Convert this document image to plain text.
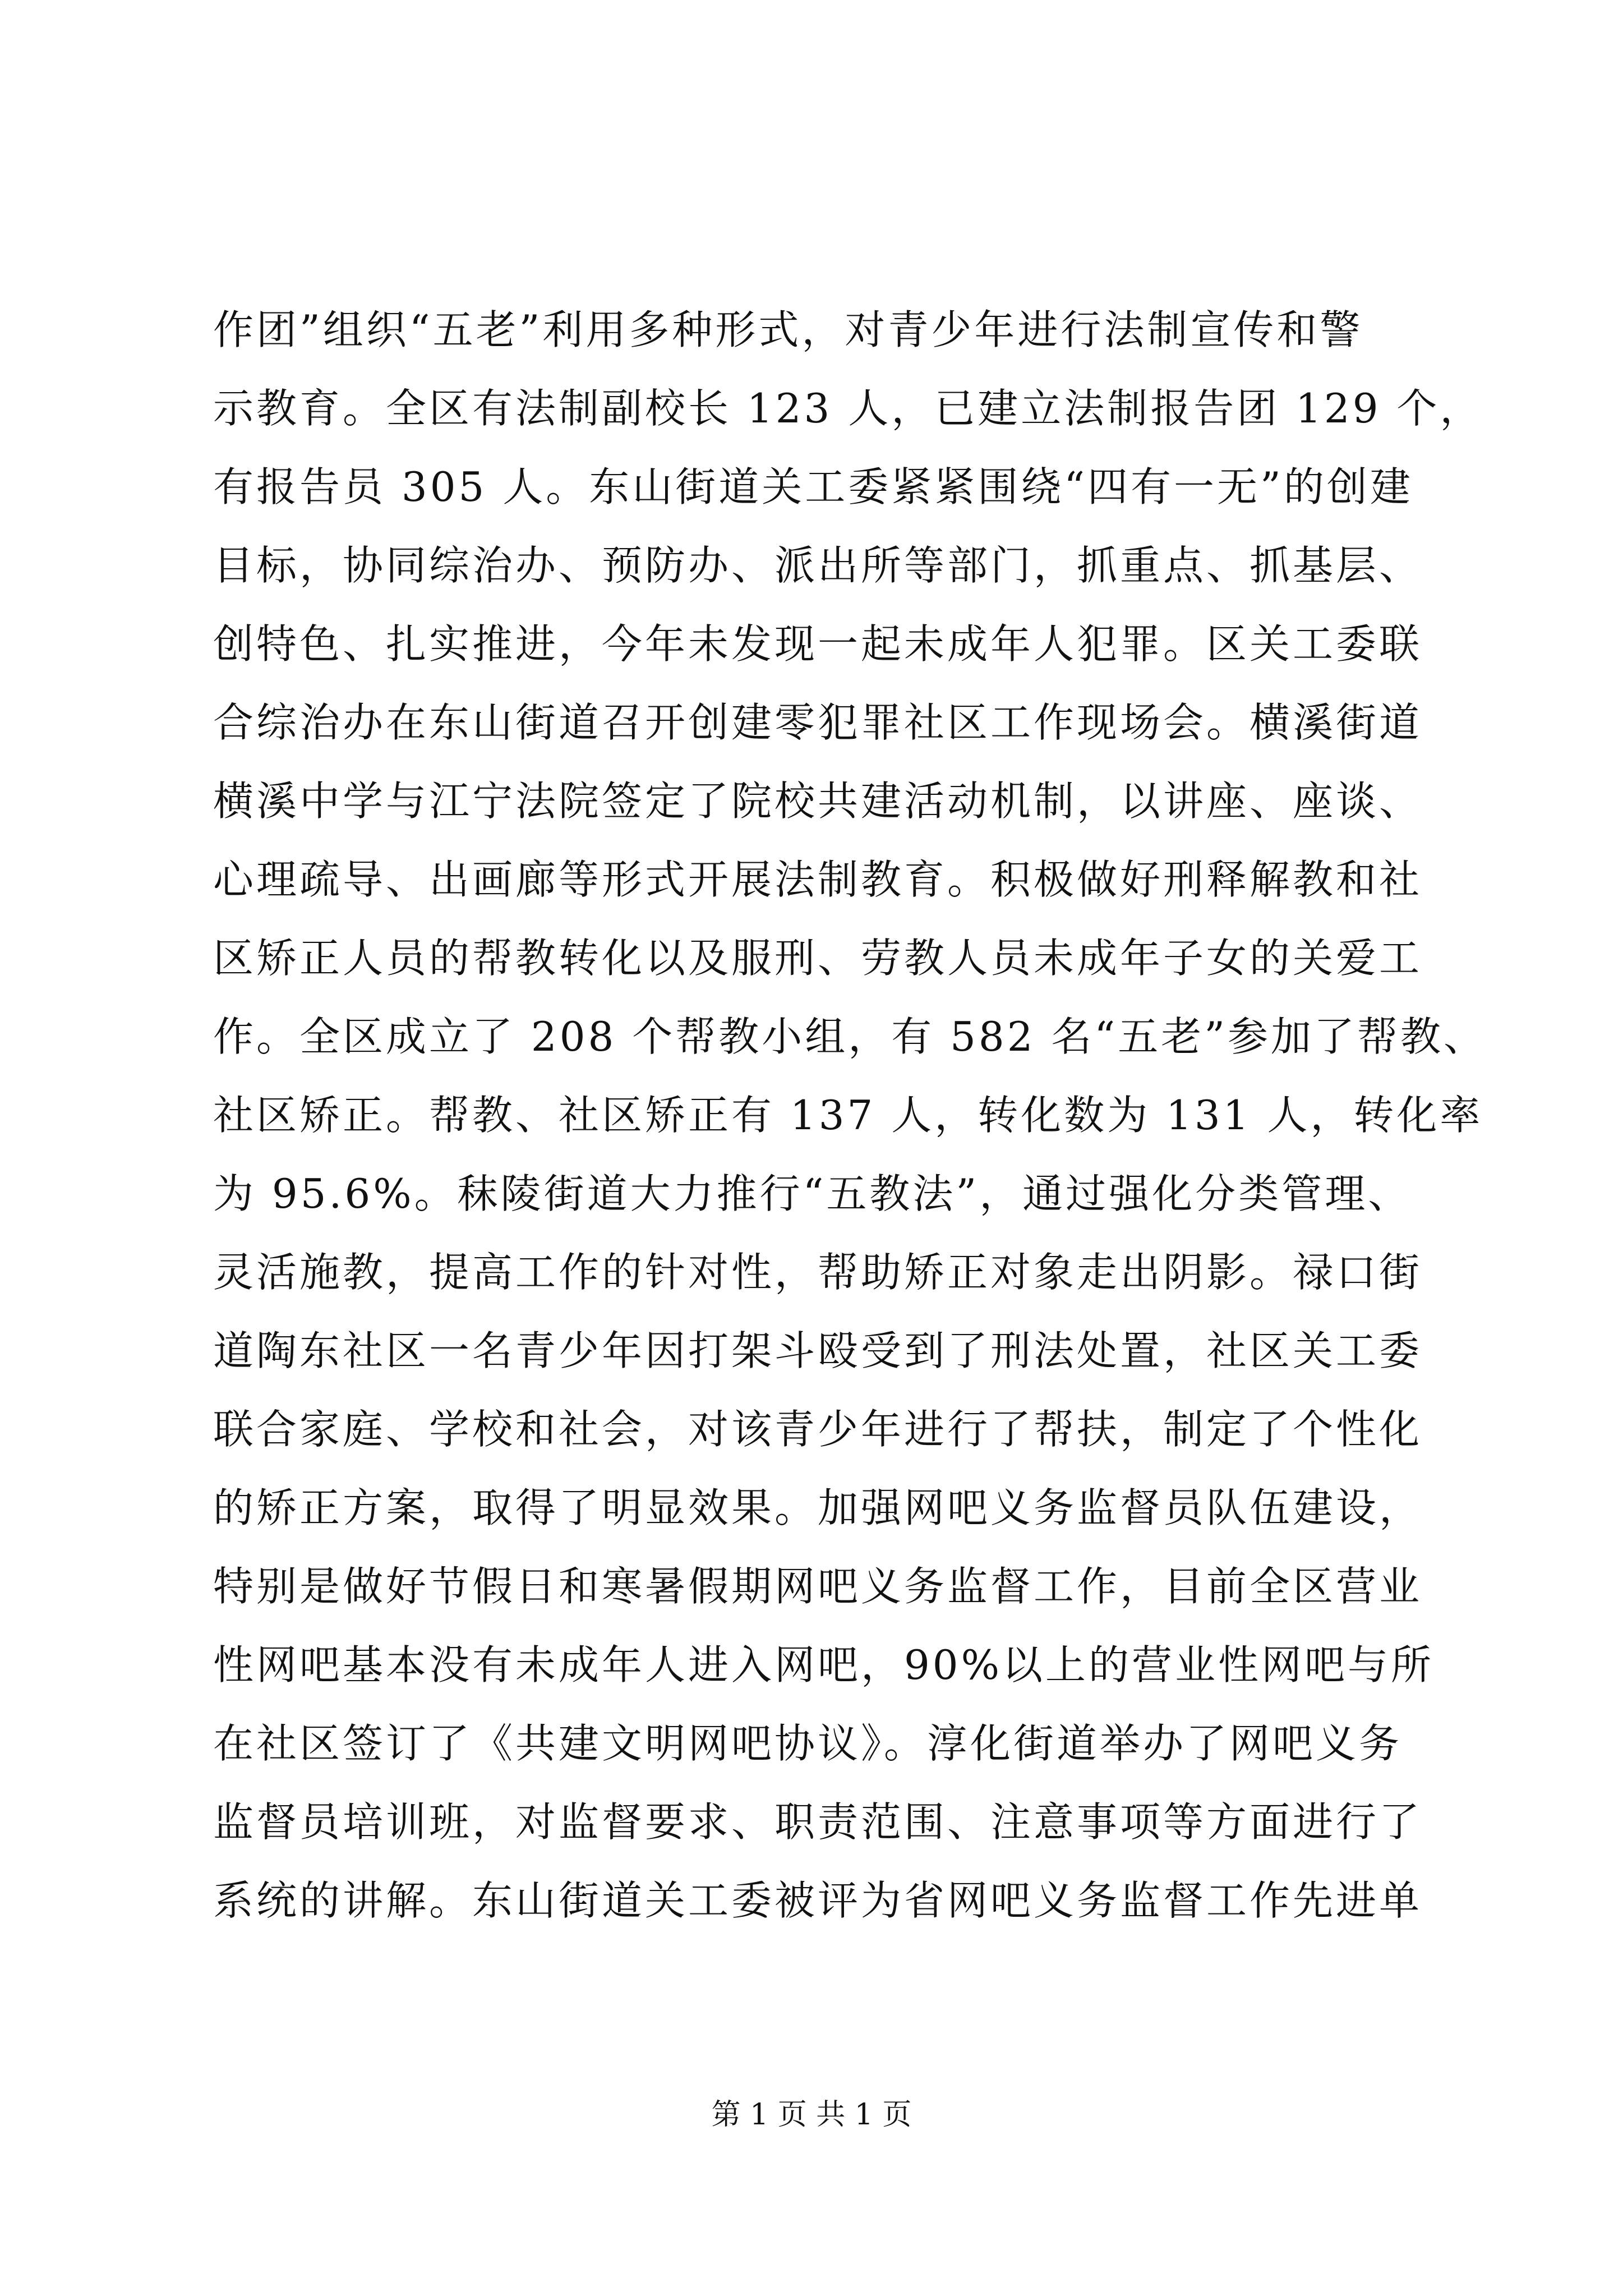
作团”组织“五老”利用多种形式，对青少年进行法制宣传和警
示教育。全区有法制副校长 123 人，已建立法制报告团 129 个，
有报告员 305 人。东山街道关工委紧紧围绕“四有一无”的创建
目标，协同综治办、预防办、派出所等部门，抓重点、抓基层、
创特色、扎实推进，今年未发现一起未成年人犯罪。区关工委联
合综治办在东山街道召开创建零犯罪社区工作现场会。横溪街道
横溪中学与江宁法院签定了院校共建活动机制，以讲座、座谈、
心理疏导、出画廊等形式开展法制教育。积极做好刑释解教和社
区矫正人员的帮教转化以及服刑、劳教人员未成年子女的关爱工
作。全区成立了 208 个帮教小组，有 582 名“五老”参加了帮教、
社区矫正。帮教、社区矫正有 137 人，转化数为 131 人，转化率
为 95.6%。秣陵街道大力推行“五教法”，通过强化分类管理、
灵活施教，提高工作的针对性，帮助矫正对象走出阴影。禄口街
道陶东社区一名青少年因打架斗殴受到了刑法处置，社区关工委
联合家庭、学校和社会，对该青少年进行了帮扶，制定了个性化
的矫正方案，取得了明显效果。加强网吧义务监督员队伍建设，
特别是做好节假日和寒暑假期网吧义务监督工作，目前全区营业
性网吧基本没有未成年人进入网吧，90%以上的营业性网吧与所
在社区签订了《共建文明网吧协议》。淳化街道举办了网吧义务
监督员培训班，对监督要求、职责范围、注意事项等方面进行了
系统的讲解。东山街道关工委被评为省网吧义务监督工作先进单
第 1 页 共 1 页
